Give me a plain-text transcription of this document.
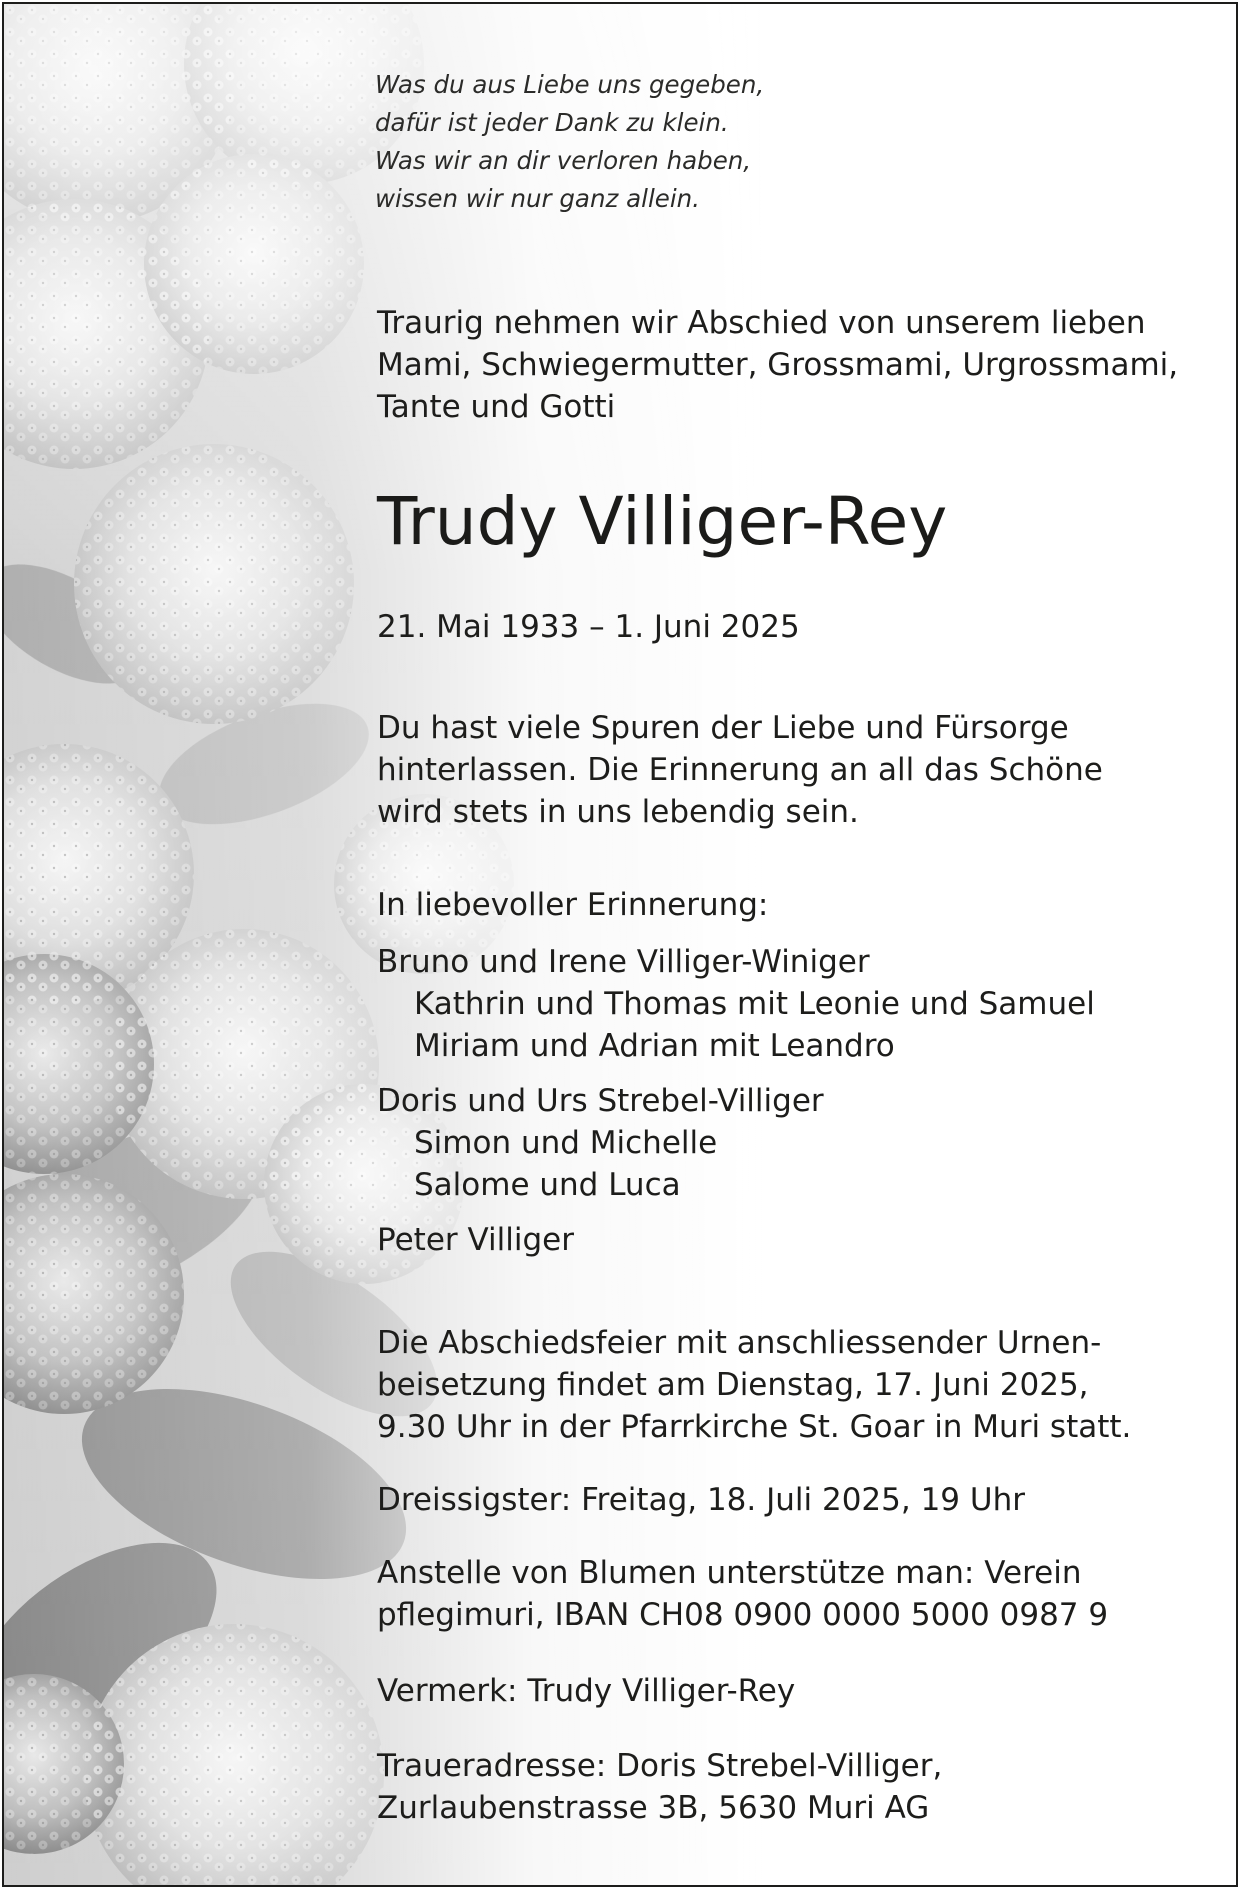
Was du aus Liebe uns gegeben,
dafür ist jeder Dank zu klein.
Was wir an dir verloren haben,
wissen wir nur ganz allein.
Traurig nehmen wir Abschied von unserem lieben
Mami, Schwiegermutter, Grossmami, Urgrossmami,
Tante und Gotti
Trudy Villiger-Rey
21. Mai 1933 – 1. Juni 2025
Du hast viele Spuren der Liebe und Fürsorge
hinterlassen. Die Erinnerung an all das Schöne
wird stets in uns lebendig sein.
In liebevoller Erinnerung:
Bruno und Irene Villiger-Winiger
Kathrin und Thomas mit Leonie und Samuel
Miriam und Adrian mit Leandro
Doris und Urs Strebel-Villiger
Simon und Michelle
Salome und Luca
Peter Villiger
Die Abschiedsfeier mit anschliessender Urnen-
beisetzung findet am Dienstag, 17. Juni 2025,
9.30 Uhr in der Pfarrkirche St. Goar in Muri statt.
Dreissigster: Freitag, 18. Juli 2025, 19 Uhr
Anstelle von Blumen unterstütze man: Verein
pflegimuri, IBAN CH08 0900 0000 5000 0987 9
Vermerk: Trudy Villiger-Rey
Traueradresse: Doris Strebel-Villiger,
Zurlaubenstrasse 3B, 5630 Muri AG
